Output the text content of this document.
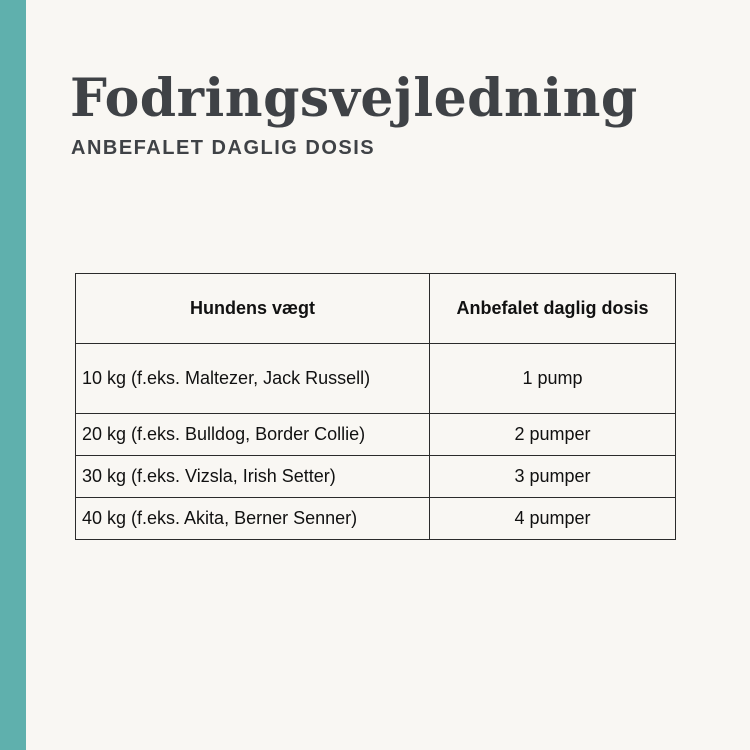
Fodringsvejledning
ANBEFALET DAGLIG DOSIS
Hundens vægt	Anbefalet daglig dosis
10 kg (f.eks. Maltezer, Jack Russell)	1 pump
20 kg (f.eks. Bulldog, Border Collie)	2 pumper
30 kg (f.eks. Vizsla, Irish Setter)	3 pumper
40 kg (f.eks. Akita, Berner Senner)	4 pumper
